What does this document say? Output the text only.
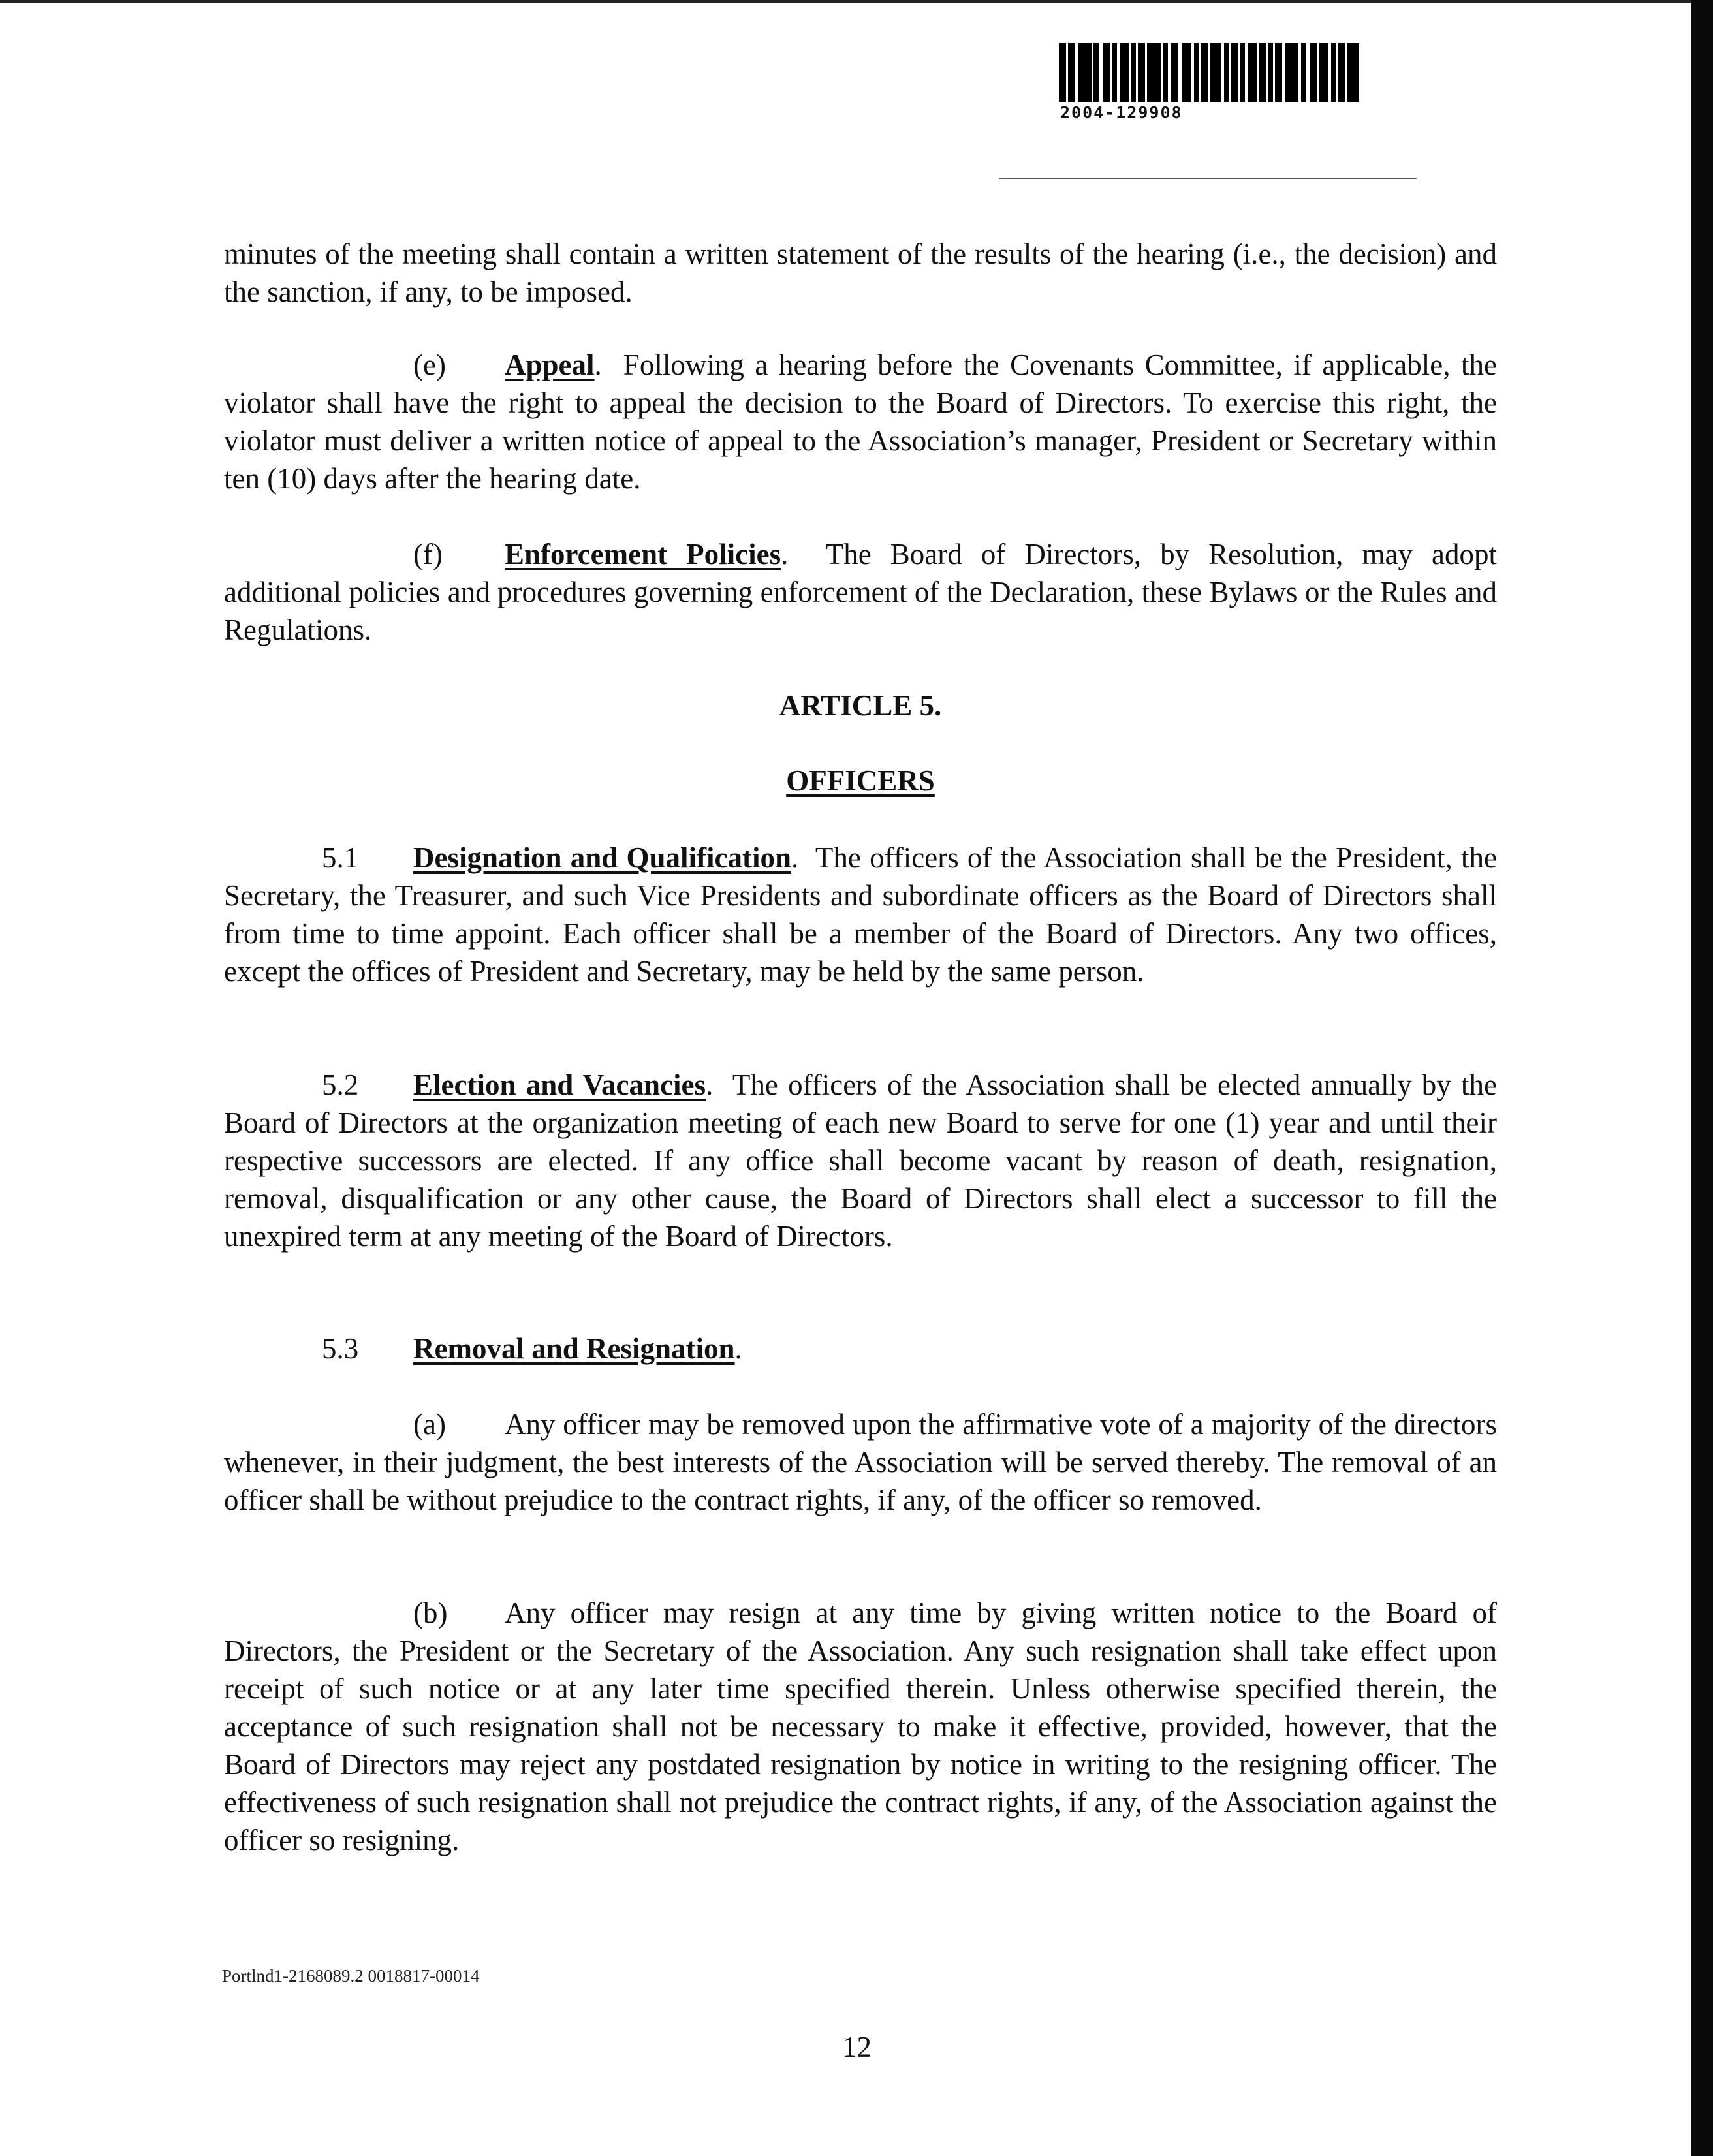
2004-129908
minutes of the meeting shall contain a written statement of the results of the hearing (i.e., the decision) and the sanction, if any, to be imposed.
(e) Appeal.  Following a hearing before the Covenants Committee, if applicable, the violator shall have the right to appeal the decision to the Board of Directors. To exercise this right, the violator must deliver a written notice of appeal to the Association’s manager, President or Secretary within ten (10) days after the hearing date.
(f) Enforcement Policies.  The Board of Directors, by Resolution, may adopt additional policies and procedures governing enforcement of the Declaration, these Bylaws or the Rules and Regulations.
ARTICLE 5.
OFFICERS
5.1 Designation and Qualification.  The officers of the Association shall be the President, the Secretary, the Treasurer, and such Vice Presidents and subordinate officers as the Board of Directors shall from time to time appoint. Each officer shall be a member of the Board of Directors. Any two offices, except the offices of President and Secretary, may be held by the same person.
5.2 Election and Vacancies.  The officers of the Association shall be elected annually by the Board of Directors at the organization meeting of each new Board to serve for one (1) year and until their respective successors are elected. If any office shall become vacant by reason of death, resignation, removal, disqualification or any other cause, the Board of Directors shall elect a successor to fill the unexpired term at any meeting of the Board of Directors.
5.3 Removal and Resignation.
(a) Any officer may be removed upon the affirmative vote of a majority of the directors whenever, in their judgment, the best interests of the Association will be served thereby. The removal of an officer shall be without prejudice to the contract rights, if any, of the officer so removed.
(b) Any officer may resign at any time by giving written notice to the Board of Directors, the President or the Secretary of the Association. Any such resignation shall take effect upon receipt of such notice or at any later time specified therein. Unless otherwise specified therein, the acceptance of such resignation shall not be necessary to make it effective, provided, however, that the Board of Directors may reject any postdated resignation by notice in writing to the resigning officer. The effectiveness of such resignation shall not prejudice the contract rights, if any, of the Association against the officer so resigning.
Portlnd1-2168089.2 0018817-00014
12
